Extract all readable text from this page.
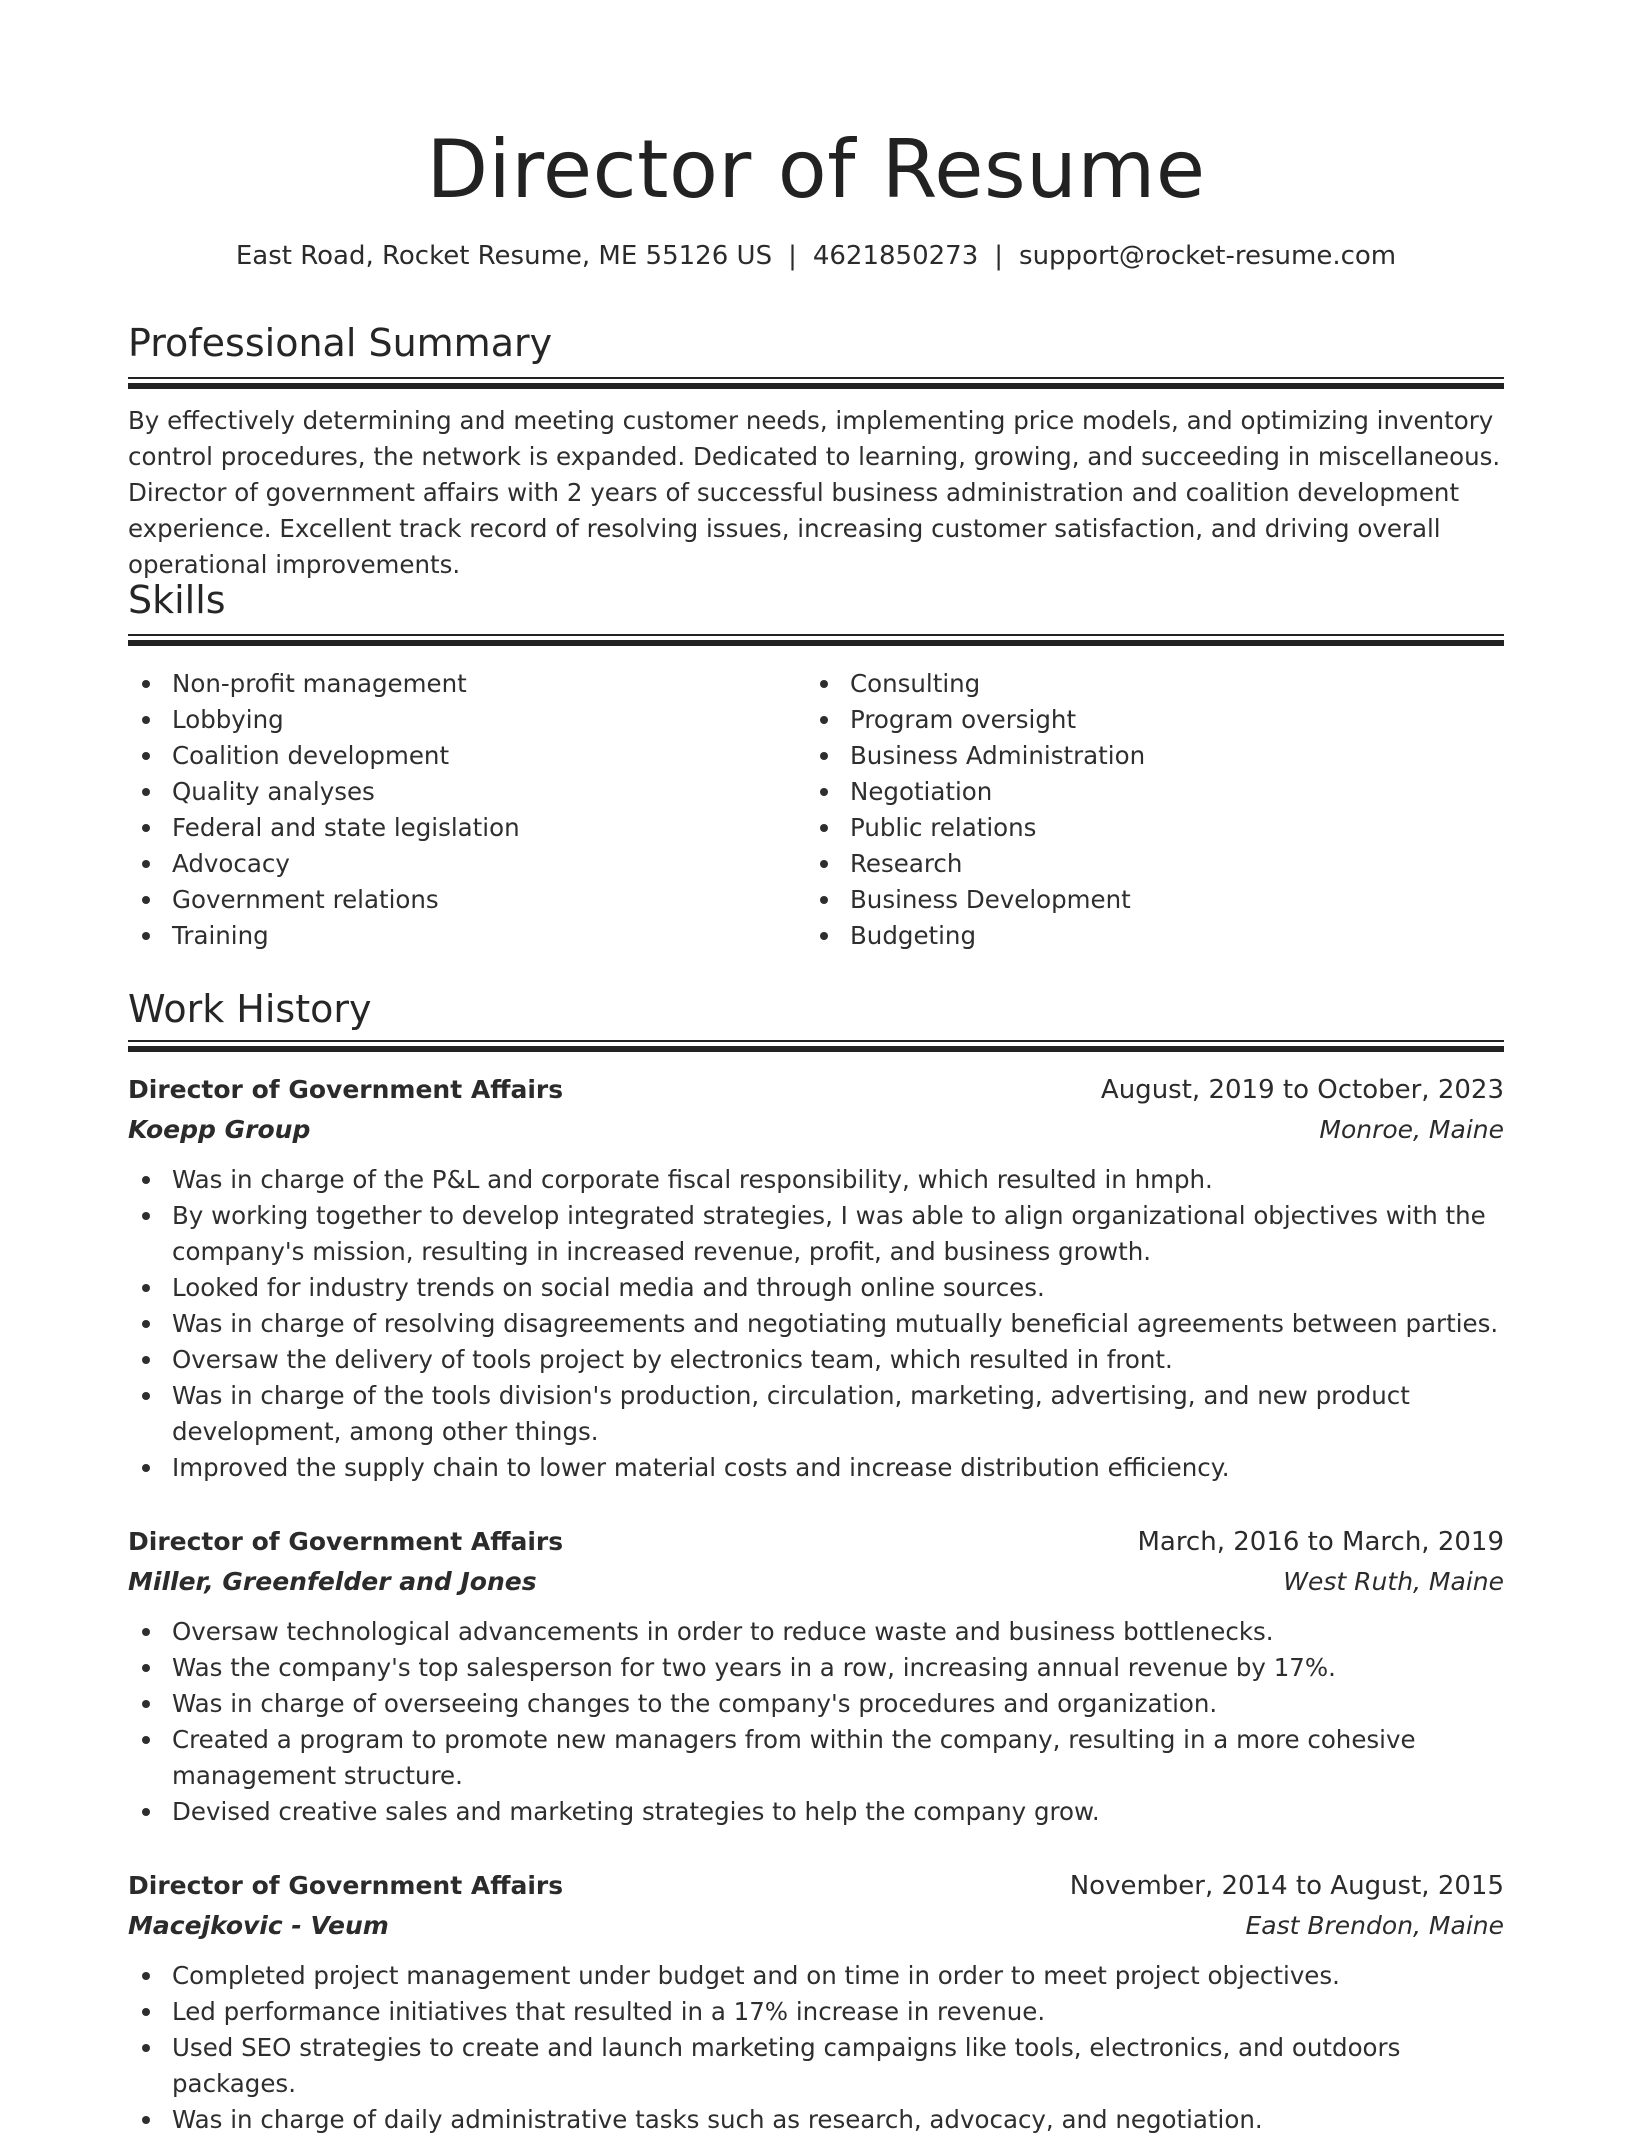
Director of Resume
East Road, Rocket Resume, ME 55126 US | 4621850273 | support@rocket-resume.com
Professional Summary

By effectively determining and meeting customer needs, implementing price models, and optimizing inventory control procedures, the network is expanded. Dedicated to learning, growing, and succeeding in miscellaneous. Director of government affairs with 2 years of successful business administration and coalition development experience. Excellent track record of resolving issues, increasing customer satisfaction, and driving overall operational improvements.

Skills
Non-profit management
Lobbying
Coalition development
Quality analyses
Federal and state legislation
Advocacy
Government relations
Training
Consulting
Program oversight
Business Administration
Negotiation
Public relations
Research
Business Development
Budgeting
Work History
Director of Government Affairs	August, 2019 to October, 2023
Koepp Group	Monroe, Maine
Was in charge of the P&L and corporate fiscal responsibility, which resulted in hmph.
By working together to develop integrated strategies, I was able to align organizational objectives with the company's mission, resulting in increased revenue, profit, and business growth.
Looked for industry trends on social media and through online sources.
Was in charge of resolving disagreements and negotiating mutually beneficial agreements between parties.
Oversaw the delivery of tools project by electronics team, which resulted in front.
Was in charge of the tools division's production, circulation, marketing, advertising, and new product development, among other things.
Improved the supply chain to lower material costs and increase distribution efficiency.
Director of Government Affairs	March, 2016 to March, 2019
Miller, Greenfelder and Jones	West Ruth, Maine
Oversaw technological advancements in order to reduce waste and business bottlenecks.
Was the company's top salesperson for two years in a row, increasing annual revenue by 17%.
Was in charge of overseeing changes to the company's procedures and organization.
Created a program to promote new managers from within the company, resulting in a more cohesive management structure.
Devised creative sales and marketing strategies to help the company grow.
Director of Government Affairs	November, 2014 to August, 2015
Macejkovic - Veum	East Brendon, Maine
Completed project management under budget and on time in order to meet project objectives.
Led performance initiatives that resulted in a 17% increase in revenue.
Used SEO strategies to create and launch marketing campaigns like tools, electronics, and outdoors packages.
Was in charge of daily administrative tasks such as research, advocacy, and negotiation.
